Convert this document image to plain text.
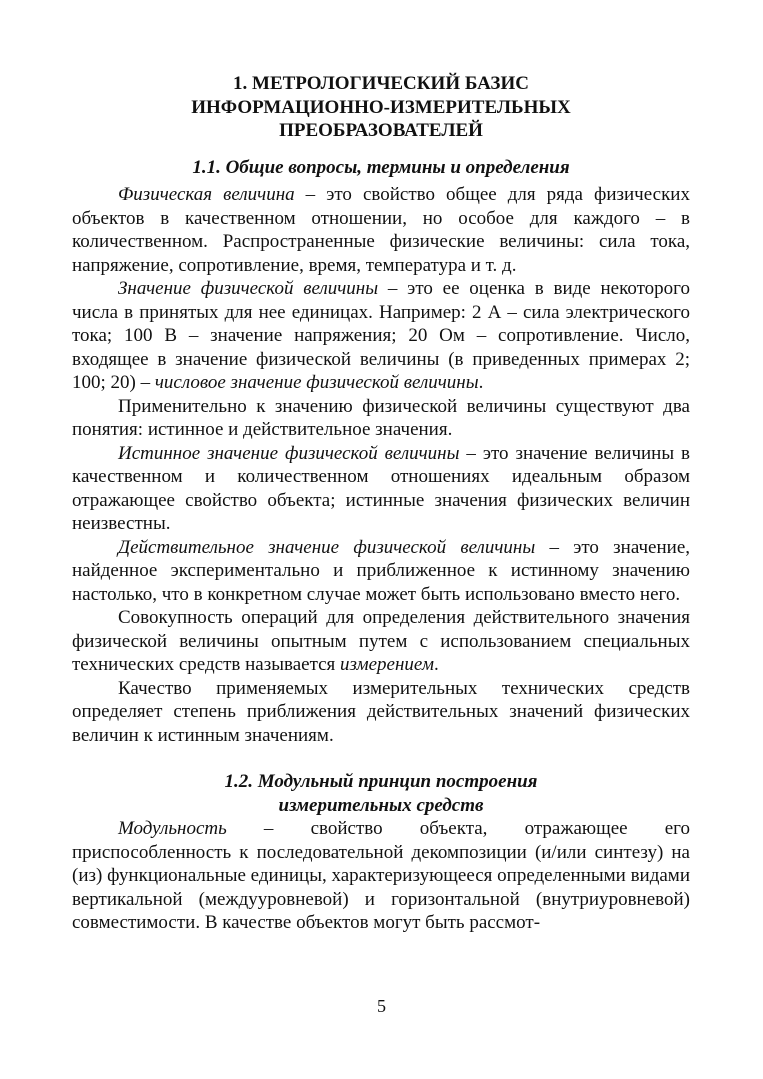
1. МЕТРОЛОГИЧЕСКИЙ БАЗИС
ИНФОРМАЦИОННО-ИЗМЕРИТЕЛЬНЫХ
ПРЕОБРАЗОВАТЕЛЕЙ
1.1. Общие вопросы, термины и определения

Физическая величина – это свойство общее для ряда физических объектов в качественном отношении, но особое для каждого – в количественном. Распространенные физические величины: сила тока, напряжение, сопротивление, время, температура и т. д.

Значение физической величины – это ее оценка в виде некоторого числа в принятых для нее единицах. Например: 2 А – сила электрического тока; 100 В – значение напряжения; 20 Ом – сопротивление. Число, входящее в значение физической величины (в приведенных примерах 2; 100; 20) – числовое значение физической величины.

Применительно к значению физической величины существуют два понятия: истинное и действительное значения.

Истинное значение физической величины – это значение величины в качественном и количественном отношениях идеальным образом отражающее свойство объекта; истинные значения физических величин неизвестны.

Действительное значение физической величины – это значение, найденное экспериментально и приближенное к истинному значению настолько, что в конкретном случае может быть использовано вместо него.

Совокупность операций для определения действительного значения физической величины опытным путем с использованием специальных технических средств называется измерением.

Качество применяемых измерительных технических средств определяет степень приближения действительных значений физических величин к истинным значениям.

1.2. Модульный принцип построения
измерительных средств

Модульность – свойство объекта, отражающее его приспособленность к последовательной декомпозиции (и/или синтезу) на (из) функциональные единицы, характеризующееся определенными видами вертикальной (междууровневой) и горизонтальной (внутриуровневой) совместимости. В качестве объектов могут быть рассмот-

5
